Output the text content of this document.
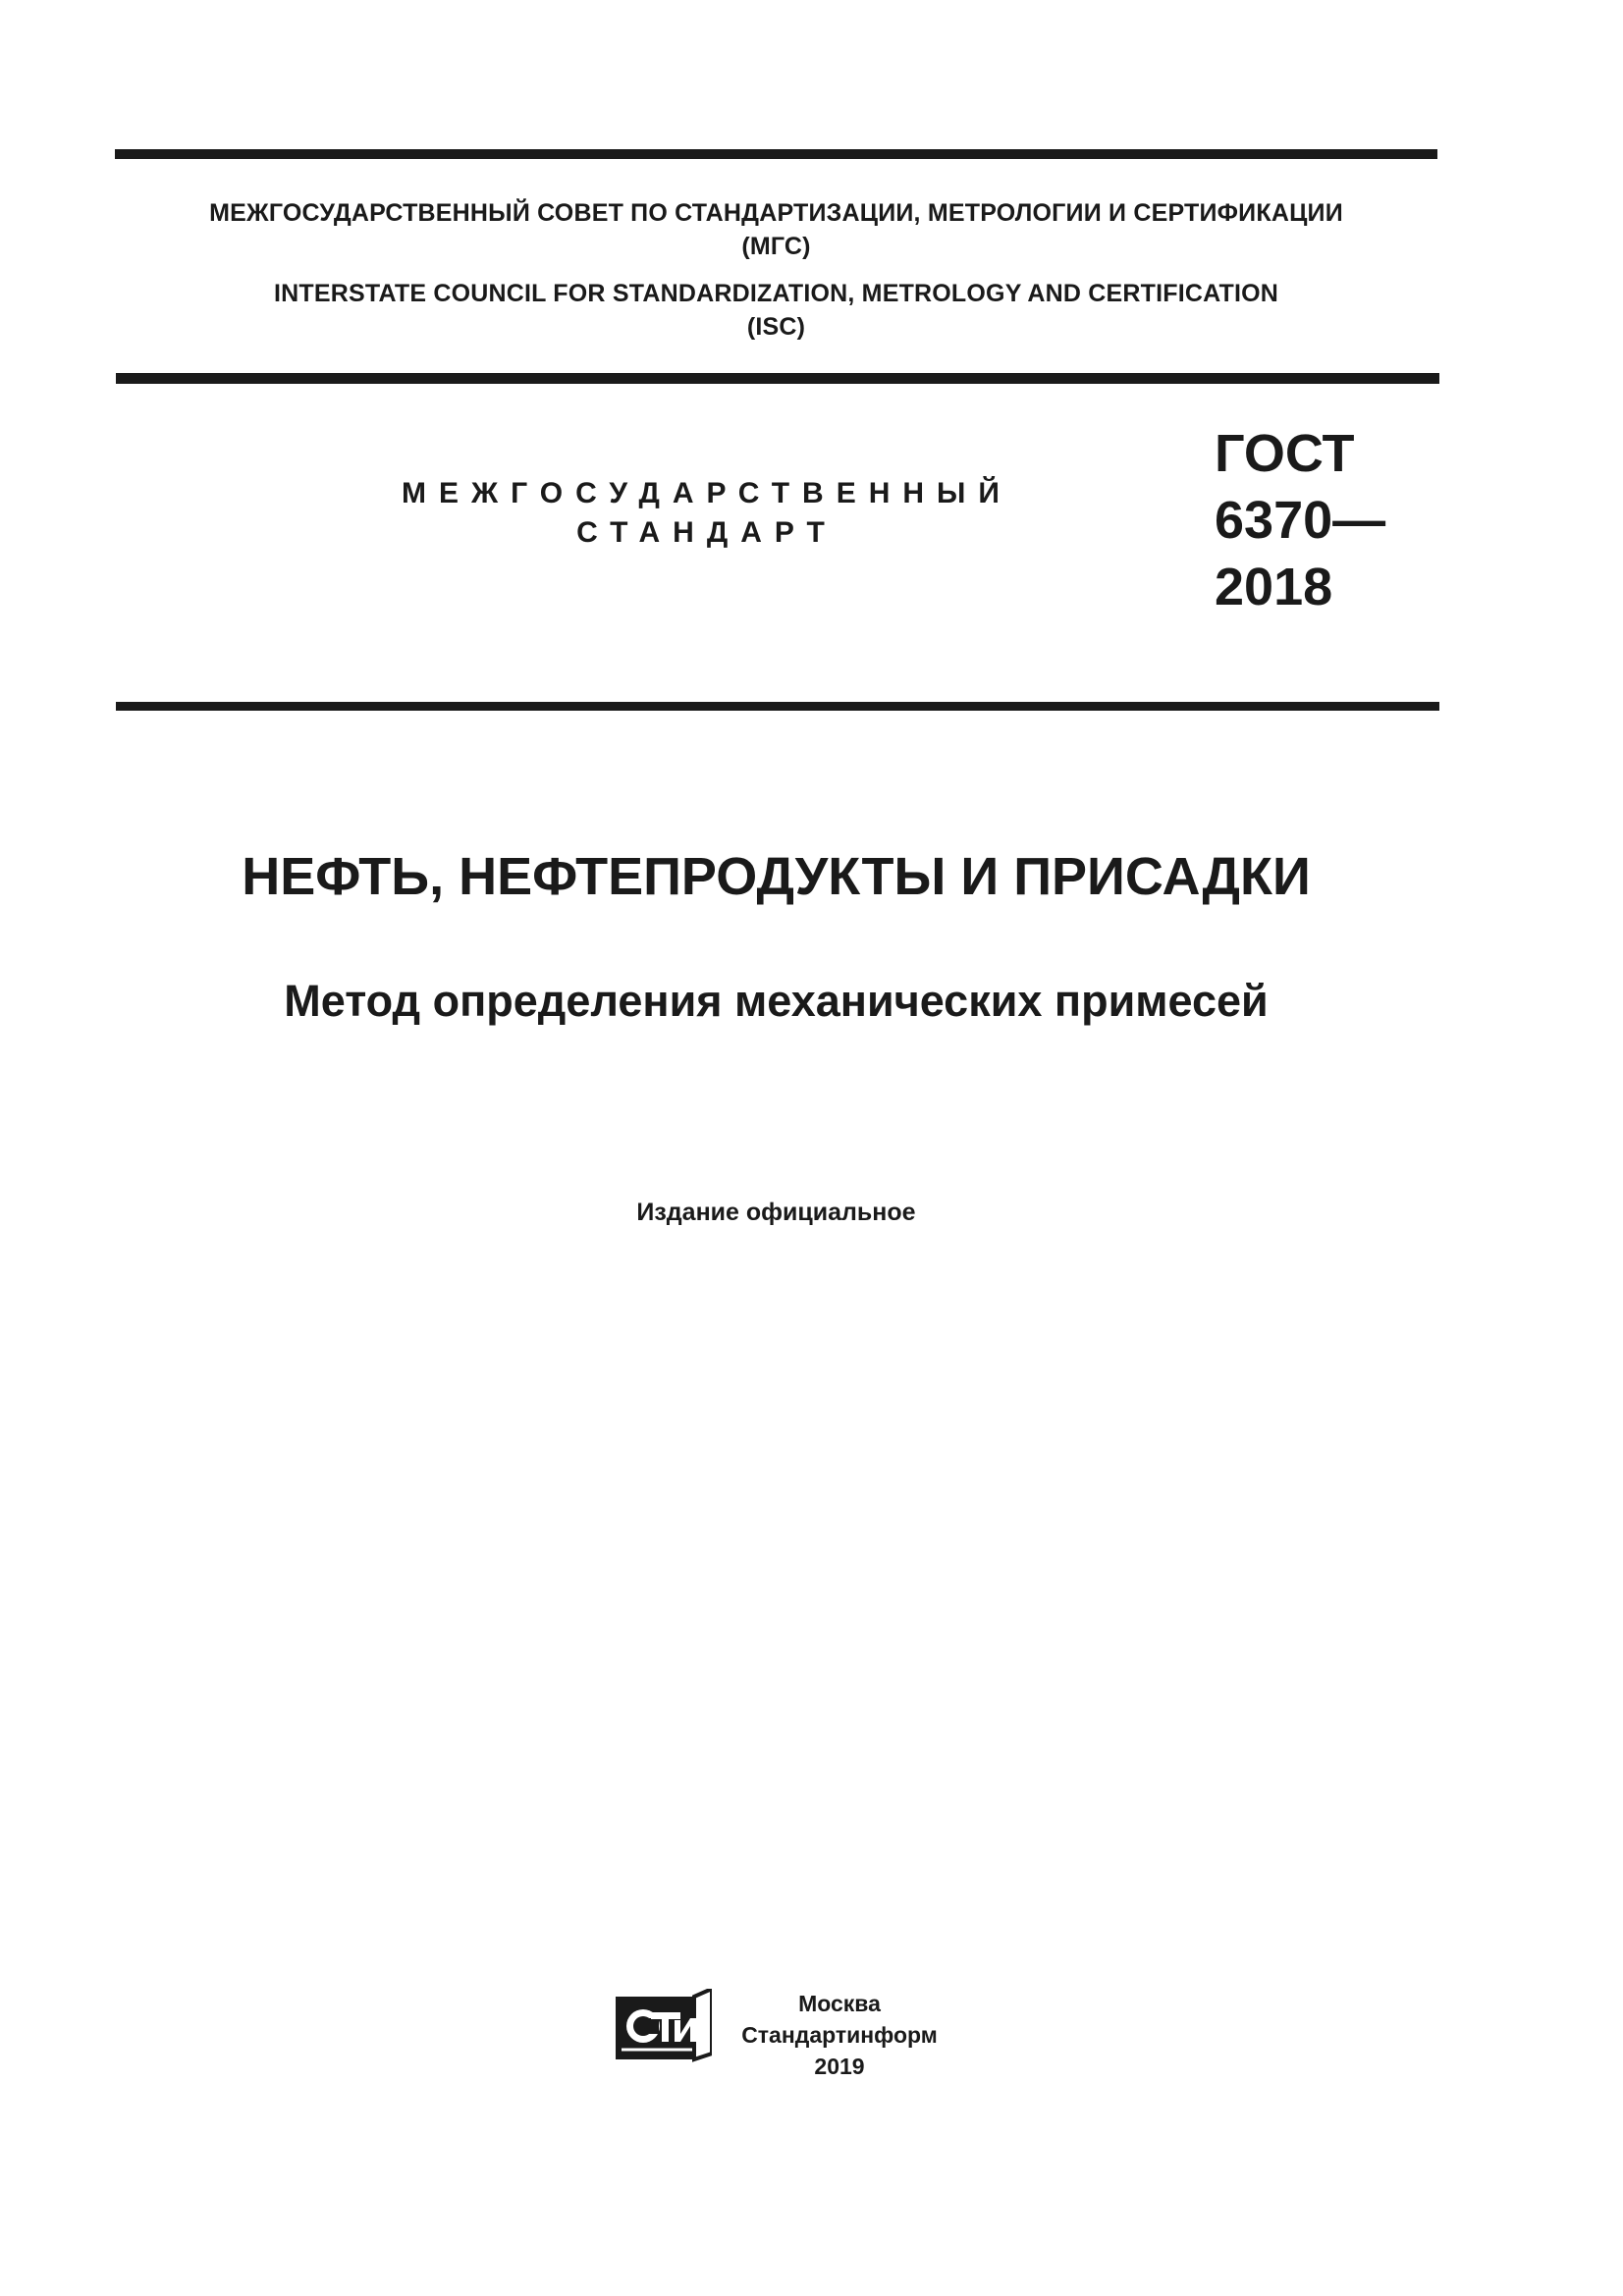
МЕЖГОСУДАРСТВЕННЫЙ СОВЕТ ПО СТАНДАРТИЗАЦИИ, МЕТРОЛОГИИ И СЕРТИФИКАЦИИ
(МГС)
INTERSTATE COUNCIL FOR STANDARDIZATION, METROLOGY AND CERTIFICATION
(ISC)
МЕЖГОСУДАРСТВЕННЫЙ
СТАНДАРТ
ГОСТ
6370—
2018
НЕФТЬ, НЕФТЕПРОДУКТЫ И ПРИСАДКИ
Метод определения механических примесей
Издание официальное
Москва
Стандартинформ
2019
